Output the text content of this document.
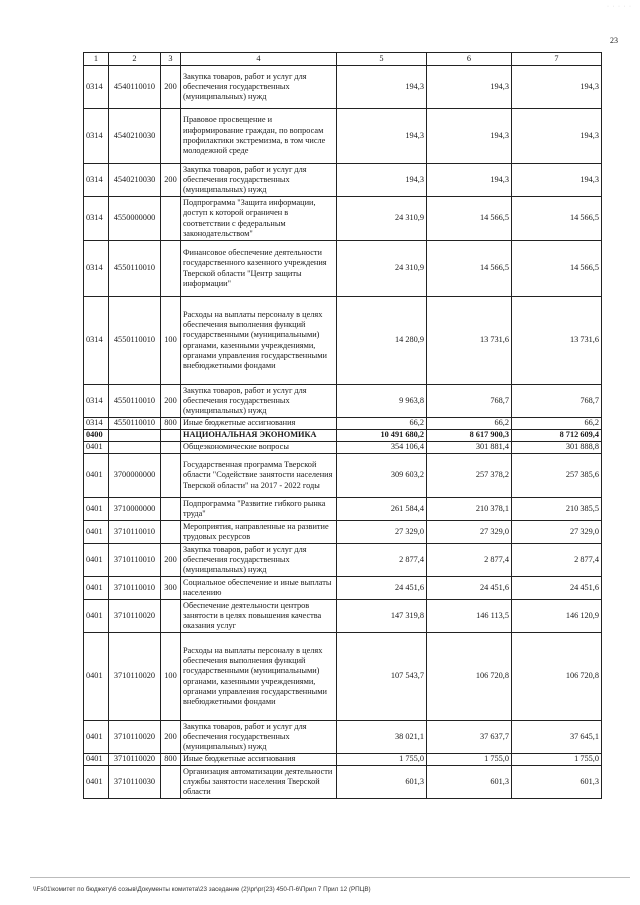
· · · · ·
23
1	2	3	4	5	6	7
0314	4540110010	200	Закупка товаров, работ и услуг для обеспечения государственных (муниципальных) нужд	194,3	194,3	194,3
0314	4540210030		Правовое просвещение и информирование граждан, по вопросам профилактики экстремизма, в том числе молодежной среде	194,3	194,3	194,3
0314	4540210030	200	Закупка товаров, работ и услуг для обеспечения государственных (муниципальных) нужд	194,3	194,3	194,3
0314	4550000000		Подпрограмма "Защита информации, доступ к которой ограничен в соответствии с федеральным законодательством"	24 310,9	14 566,5	14 566,5
0314	4550110010		Финансовое обеспечение деятельности государственного казенного учреждения Тверской области "Центр защиты информации"	24 310,9	14 566,5	14 566,5
0314	4550110010	100	Расходы на выплаты персоналу в целях обеспечения выполнения функций государственными (муниципальными) органами, казенными учреждениями, органами управления государственными внебюджетными фондами	14 280,9	13 731,6	13 731,6
0314	4550110010	200	Закупка товаров, работ и услуг для обеспечения государственных (муниципальных) нужд	9 963,8	768,7	768,7
0314	4550110010	800	Иные бюджетные ассигнования	66,2	66,2	66,2
0400			НАЦИОНАЛЬНАЯ ЭКОНОМИКА	10 491 680,2	8 617 900,3	8 712 609,4
0401			Общеэкономические вопросы	354 106,4	301 881,4	301 888,8
0401	3700000000		Государственная программа Тверской области "Содействие занятости населения Тверской области" на 2017 - 2022 годы	309 603,2	257 378,2	257 385,6
0401	3710000000		Подпрограмма "Развитие гибкого рынка труда"	261 584,4	210 378,1	210 385,5
0401	3710110010		Мероприятия, направленные на развитие трудовых ресурсов	27 329,0	27 329,0	27 329,0
0401	3710110010	200	Закупка товаров, работ и услуг для обеспечения государственных (муниципальных) нужд	2 877,4	2 877,4	2 877,4
0401	3710110010	300	Социальное обеспечение и иные выплаты населению	24 451,6	24 451,6	24 451,6
0401	3710110020		Обеспечение деятельности центров занятости в целях повышения качества оказания услуг	147 319,8	146 113,5	146 120,9
0401	3710110020	100	Расходы на выплаты персоналу в целях обеспечения выполнения функций государственными (муниципальными) органами, казенными учреждениями, органами управления государственными внебюджетными фондами	107 543,7	106 720,8	106 720,8
0401	3710110020	200	Закупка товаров, работ и услуг для обеспечения государственных (муниципальных) нужд	38 021,1	37 637,7	37 645,1
0401	3710110020	800	Иные бюджетные ассигнования	1 755,0	1 755,0	1 755,0
0401	3710110030		Организация автоматизации деятельности службы занятости населения Тверской области	601,3	601,3	601,3
\\Fs01\комитет по бюджету\6 созыв\Документы комитета\23 заседание (2)\pr\pr(23) 450-П-6\Прил 7 Прил 12 (РПЦВ)
